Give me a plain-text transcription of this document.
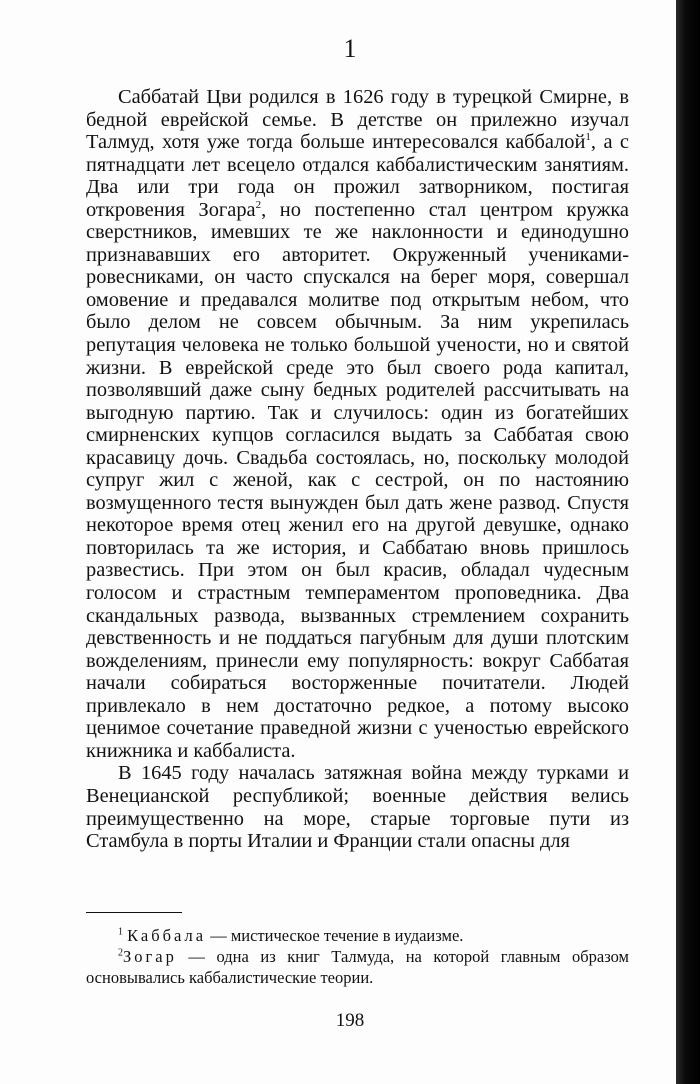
1

Саббатай Цви родился в 1626 году в турецкой Смирне, в бедной еврейской семье. В детстве он прилежно изучал Талмуд, хотя уже тогда больше интересовался каббалой$^1$, а с пятнадцати лет всецело отдался каббалистическим занятиям. Два или три года он прожил затворником, постигая откровения Зогара$^2$, но постепенно стал центром кружка сверстников, имевших те же наклонности и единодушно признававших его авторитет. Окруженный учениками-ровесниками, он часто спускался на берег моря, совершал омовение и предавался молитве под открытым небом, что было делом не совсем обычным. За ним укрепилась репутация человека не только большой учености, но и святой жизни. В еврейской среде это был своего рода капитал, позволявший даже сыну бедных родителей рассчитывать на выгодную партию. Так и случилось: один из богатейших смирненских купцов согласился выдать за Саббатая свою красавицу дочь. Свадьба состоялась, но, поскольку молодой супруг жил с женой, как с сестрой, он по настоянию возмущенного тестя вынужден был дать жене развод. Спустя некоторое время отец женил его на другой девушке, однако повторилась та же история, и Саббатаю вновь пришлось развестись. При этом он был красив, обладал чудесным голосом и страстным темпераментом проповедника. Два скандальных развода, вызванных стремлением сохранить девственность и не поддаться пагубным для души плотским вожделениям, принесли ему популярность: вокруг Саббатая начали собираться восторженные почитатели. Людей привлекало в нем достаточно редкое, а потому высоко ценимое сочетание праведной жизни с ученостью еврейского книжника и каббалиста.

В 1645 году началась затяжная война между турками и Венецианской республикой; военные действия велись преимущественно на море, старые торговые пути из Стамбула в порты Италии и Франции стали опасны для

$^1$ Каббала — мистическое течение в иудаизме.

$^2$Зогар — одна из книг Талмуда, на которой главным образом основывались каббалистические теории.

198
